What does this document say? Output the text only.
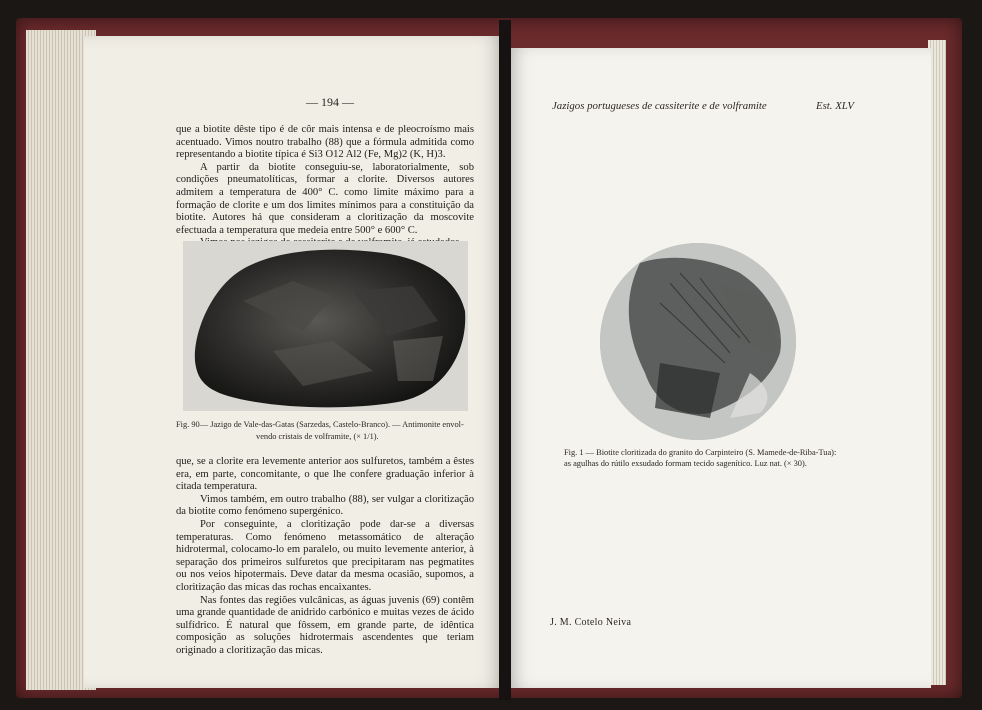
— 194 —

que a biotite dêste tipo é de côr mais intensa e de pleocroísmo mais acentuado. Vimos noutro trabalho (88) que a fórmula admitida como representando a biotite típica é Si3 O12 Al2 (Fe, Mg)2 (K, H)3.

A partir da biotite conseguiu-se, laboratorialmente, sob condições pneumatolíticas, formar a clorite. Diversos autores admitem a temperatura de 400° C. como limite máximo para a formação de clorite e um dos limites mínimos para a constituição da biotite. Autores há que consideram a cloritização da moscovite efectuada a temperatura que medeia entre 500° e 600° C.

Fig. 90— Jazigo de Vale-das-Gatas (Sarzedas, Castelo-Branco). — Antimonite envol-
vendo cristais de volframite, (× 1/1).

que, se a clorite era levemente anterior aos sulfuretos, também a êstes era, em parte, concomitante, o que lhe confere graduação inferior à citada temperatura.

Vimos também, em outro trabalho (88), ser vulgar a cloritização da biotite como fenómeno supergénico.

Por conseguinte, a cloritização pode dar-se a diversas temperaturas. Como fenómeno metassomático de alteração hidrotermal, colocamo-lo em paralelo, ou muito levemente anterior, à separação dos primeiros sulfuretos que precipitaram nas pegmatites ou nos veios hipotermais. Deve datar da mesma ocasião, supomos, a cloritização das micas das rochas encaixantes.

Nas fontes das regiões vulcânicas, as águas juvenis (69) contêm uma grande quantidade de anidrido carbónico e muitas vezes de ácido sulfídrico. É natural que fôssem, em grande parte, de idêntica composição as soluções hidrotermais ascendentes que teriam originado a cloritização das micas.

Jazigos portugueses de cassiterite e de volframite	Est. XLV
Fig. 1 — Biotite cloritizada do granito do Carpinteiro (S. Mamede-de-Riba-Tua):
as agulhas do rútilo exsudado formam tecido sagenítico. Luz nat. (× 30).
J. M. Cotelo Neiva
